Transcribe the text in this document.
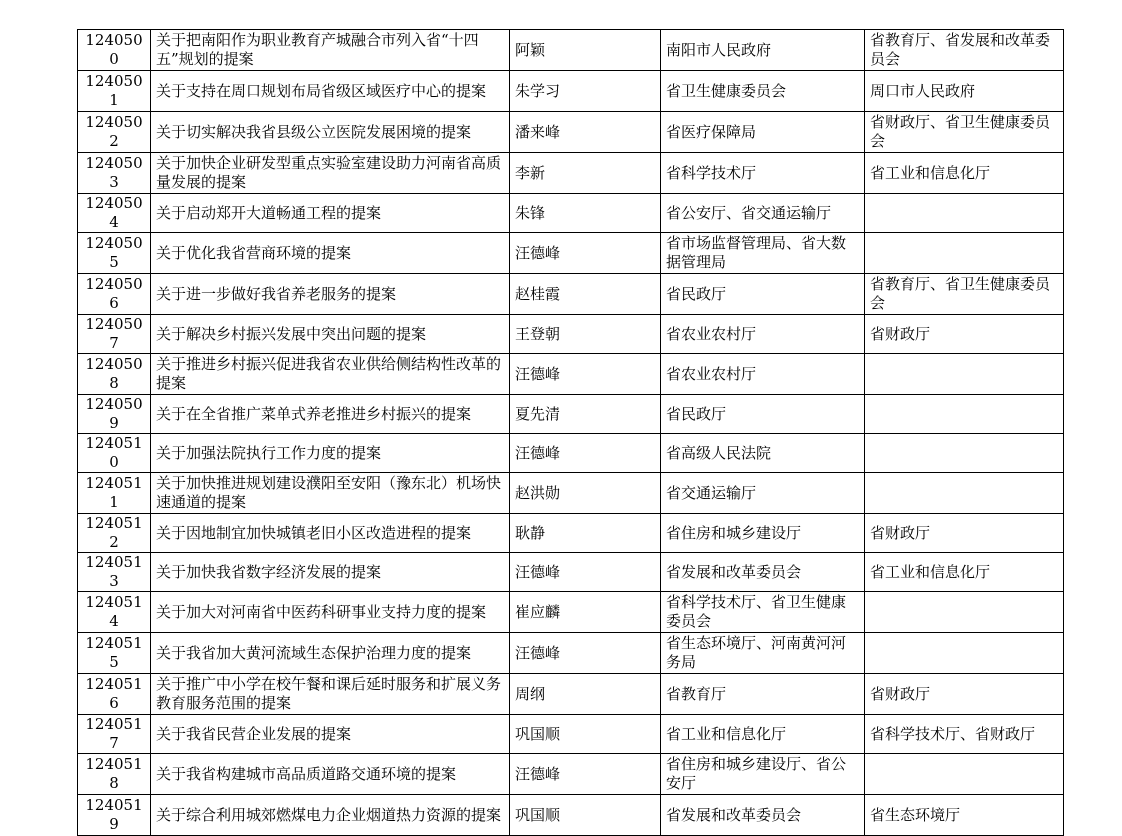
1240500	关于把南阳作为职业教育产城融合市列入省“十四五”规划的提案	阿颖	南阳市人民政府	省教育厅、省发展和改革委员会
1240501	关于支持在周口规划布局省级区域医疗中心的提案	朱学习	省卫生健康委员会	周口市人民政府
1240502	关于切实解决我省县级公立医院发展困境的提案	潘来峰	省医疗保障局	省财政厅、省卫生健康委员会
1240503	关于加快企业研发型重点实验室建设助力河南省高质量发展的提案	李新	省科学技术厅	省工业和信息化厅
1240504	关于启动郑开大道畅通工程的提案	朱锋	省公安厅、省交通运输厅	
1240505	关于优化我省营商环境的提案	汪德峰	省市场监督管理局、省大数据管理局	
1240506	关于进一步做好我省养老服务的提案	赵桂霞	省民政厅	省教育厅、省卫生健康委员会
1240507	关于解决乡村振兴发展中突出问题的提案	王登朝	省农业农村厅	省财政厅
1240508	关于推进乡村振兴促进我省农业供给侧结构性改革的提案	汪德峰	省农业农村厅	
1240509	关于在全省推广菜单式养老推进乡村振兴的提案	夏先清	省民政厅	
1240510	关于加强法院执行工作力度的提案	汪德峰	省高级人民法院	
1240511	关于加快推进规划建设濮阳至安阳（豫东北）机场快速通道的提案	赵洪勋	省交通运输厅	
1240512	关于因地制宜加快城镇老旧小区改造进程的提案	耿静	省住房和城乡建设厅	省财政厅
1240513	关于加快我省数字经济发展的提案	汪德峰	省发展和改革委员会	省工业和信息化厅
1240514	关于加大对河南省中医药科研事业支持力度的提案	崔应麟	省科学技术厅、省卫生健康委员会	
1240515	关于我省加大黄河流域生态保护治理力度的提案	汪德峰	省生态环境厅、河南黄河河务局	
1240516	关于推广中小学在校午餐和课后延时服务和扩展义务教育服务范围的提案	周纲	省教育厅	省财政厅
1240517	关于我省民营企业发展的提案	巩国顺	省工业和信息化厅	省科学技术厅、省财政厅
1240518	关于我省构建城市高品质道路交通环境的提案	汪德峰	省住房和城乡建设厅、省公安厅	
1240519	关于综合利用城郊燃煤电力企业烟道热力资源的提案	巩国顺	省发展和改革委员会	省生态环境厅
